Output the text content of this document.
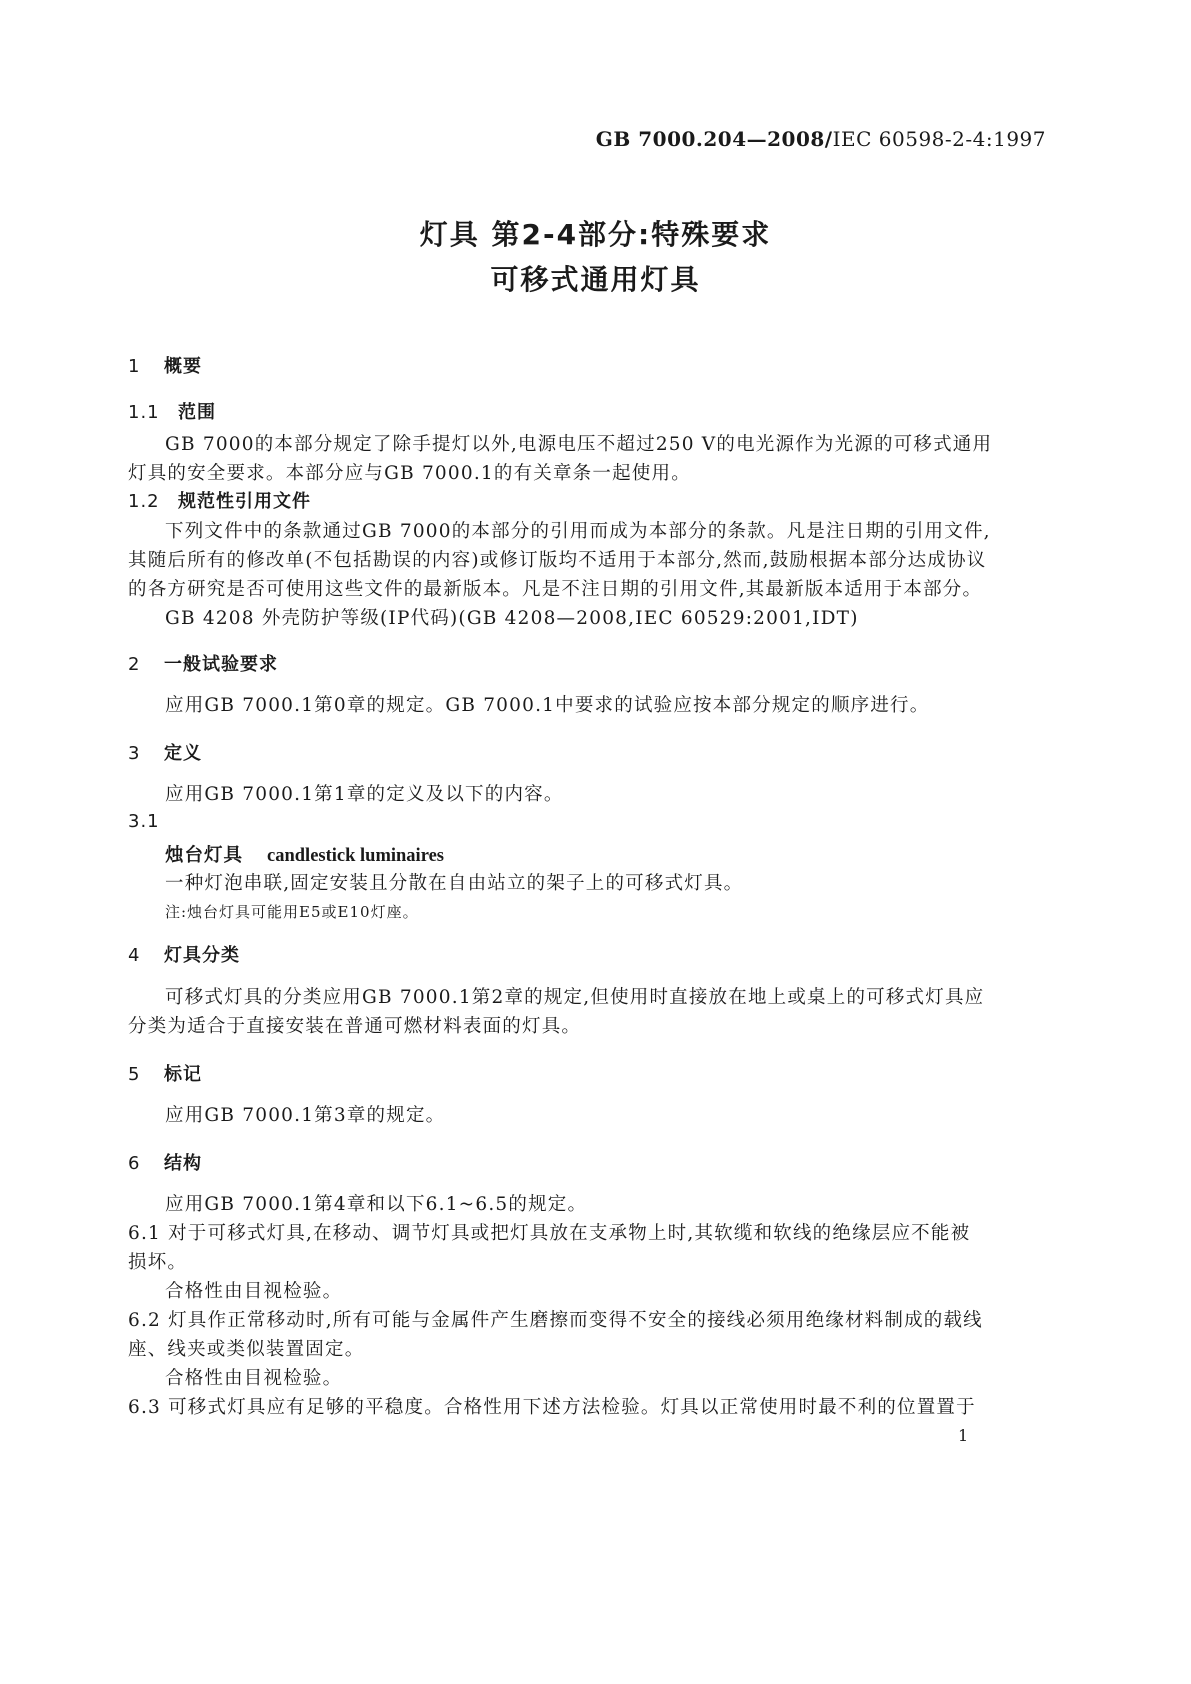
GB 7000.204—2008/IEC 60598-2-4:1997
灯具 第2-4部分:特殊要求
可移式通用灯具
1 概要
1.1 范围
GB 7000的本部分规定了除手提灯以外,电源电压不超过250 V的电光源作为光源的可移式通用
灯具的安全要求。本部分应与GB 7000.1的有关章条一起使用。
1.2 规范性引用文件
下列文件中的条款通过GB 7000的本部分的引用而成为本部分的条款。凡是注日期的引用文件,
其随后所有的修改单(不包括勘误的内容)或修订版均不适用于本部分,然而,鼓励根据本部分达成协议
的各方研究是否可使用这些文件的最新版本。凡是不注日期的引用文件,其最新版本适用于本部分。
GB 4208 外壳防护等级(IP代码)(GB 4208—2008,IEC 60529:2001,IDT)
2 一般试验要求
应用GB 7000.1第0章的规定。GB 7000.1中要求的试验应按本部分规定的顺序进行。
3 定义
应用GB 7000.1第1章的定义及以下的内容。
3.1
烛台灯具 candlestick luminaires
一种灯泡串联,固定安装且分散在自由站立的架子上的可移式灯具。
注:烛台灯具可能用E5或E10灯座。
4 灯具分类
可移式灯具的分类应用GB 7000.1第2章的规定,但使用时直接放在地上或桌上的可移式灯具应
分类为适合于直接安装在普通可燃材料表面的灯具。
5 标记
应用GB 7000.1第3章的规定。
6 结构
应用GB 7000.1第4章和以下6.1~6.5的规定。
6.1 对于可移式灯具,在移动、调节灯具或把灯具放在支承物上时,其软缆和软线的绝缘层应不能被
损坏。
合格性由目视检验。
6.2 灯具作正常移动时,所有可能与金属件产生磨擦而变得不安全的接线必须用绝缘材料制成的载线
座、线夹或类似装置固定。
合格性由目视检验。
6.3 可移式灯具应有足够的平稳度。合格性用下述方法检验。灯具以正常使用时最不利的位置置于
1
